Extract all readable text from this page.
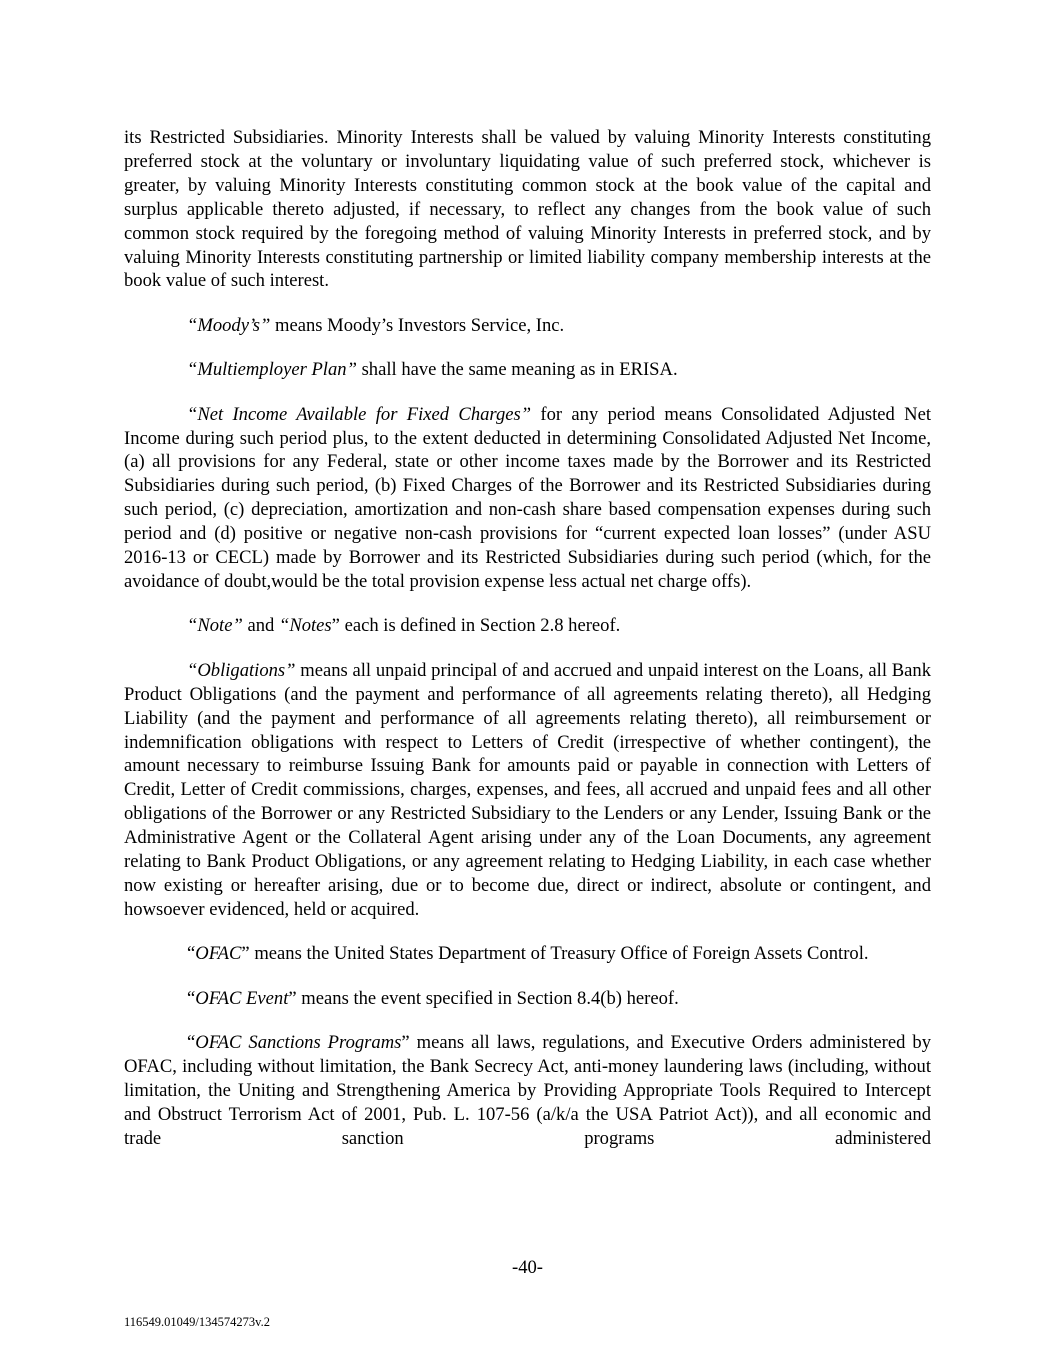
its Restricted Subsidiaries. Minority Interests shall be valued by valuing Minority Interests constituting preferred stock at the voluntary or involuntary liquidating value of such preferred stock, whichever is greater, by valuing Minority Interests constituting common stock at the book value of the capital and surplus applicable thereto adjusted, if necessary, to reflect any changes from the book value of such common stock required by the foregoing method of valuing Minority Interests in preferred stock, and by valuing Minority Interests constituting partnership or limited liability company membership interests at the book value of such interest.

“Moody’s” means Moody’s Investors Service, Inc.

“Multiemployer Plan” shall have the same meaning as in ERISA.

“Net Income Available for Fixed Charges” for any period means Consolidated Adjusted Net Income during such period plus, to the extent deducted in determining Consolidated Adjusted Net Income, (a) all provisions for any Federal, state or other income taxes made by the Borrower and its Restricted Subsidiaries during such period, (b) Fixed Charges of the Borrower and its Restricted Subsidiaries during such period, (c) depreciation, amortization and non-cash share based compensation expenses during such period and (d) positive or negative non-cash provisions for “current expected loan losses” (under ASU 2016-13 or CECL) made by Borrower and its Restricted Subsidiaries during such period (which, for the avoidance of doubt,would be the total provision expense less actual net charge offs).

“Note” and “Notes” each is defined in Section 2.8 hereof.

“Obligations” means all unpaid principal of and accrued and unpaid interest on the Loans, all Bank Product Obligations (and the payment and performance of all agreements relating thereto), all Hedging Liability (and the payment and performance of all agreements relating thereto), all reimbursement or indemnification obligations with respect to Letters of Credit (irrespective of whether contingent), the amount necessary to reimburse Issuing Bank for amounts paid or payable in connection with Letters of Credit, Letter of Credit commissions, charges, expenses, and fees, all accrued and unpaid fees and all other obligations of the Borrower or any Restricted Subsidiary to the Lenders or any Lender, Issuing Bank or the Administrative Agent or the Collateral Agent arising under any of the Loan Documents, any agreement relating to Bank Product Obligations, or any agreement relating to Hedging Liability, in each case whether now existing or hereafter arising, due or to become due, direct or indirect, absolute or contingent, and howsoever evidenced, held or acquired.

“OFAC” means the United States Department of Treasury Office of Foreign Assets Control.

“OFAC Event” means the event specified in Section 8.4(b) hereof.

“OFAC Sanctions Programs” means all laws, regulations, and Executive Orders administered by OFAC, including without limitation, the Bank Secrecy Act, anti-money laundering laws (including, without limitation, the Uniting and Strengthening America by Providing Appropriate Tools Required to Intercept and Obstruct Terrorism Act of 2001, Pub. L. 107-56 (a/k/a the USA Patriot Act)), and all economic and trade sanction programs administered

-40-
116549.01049/134574273v.2
